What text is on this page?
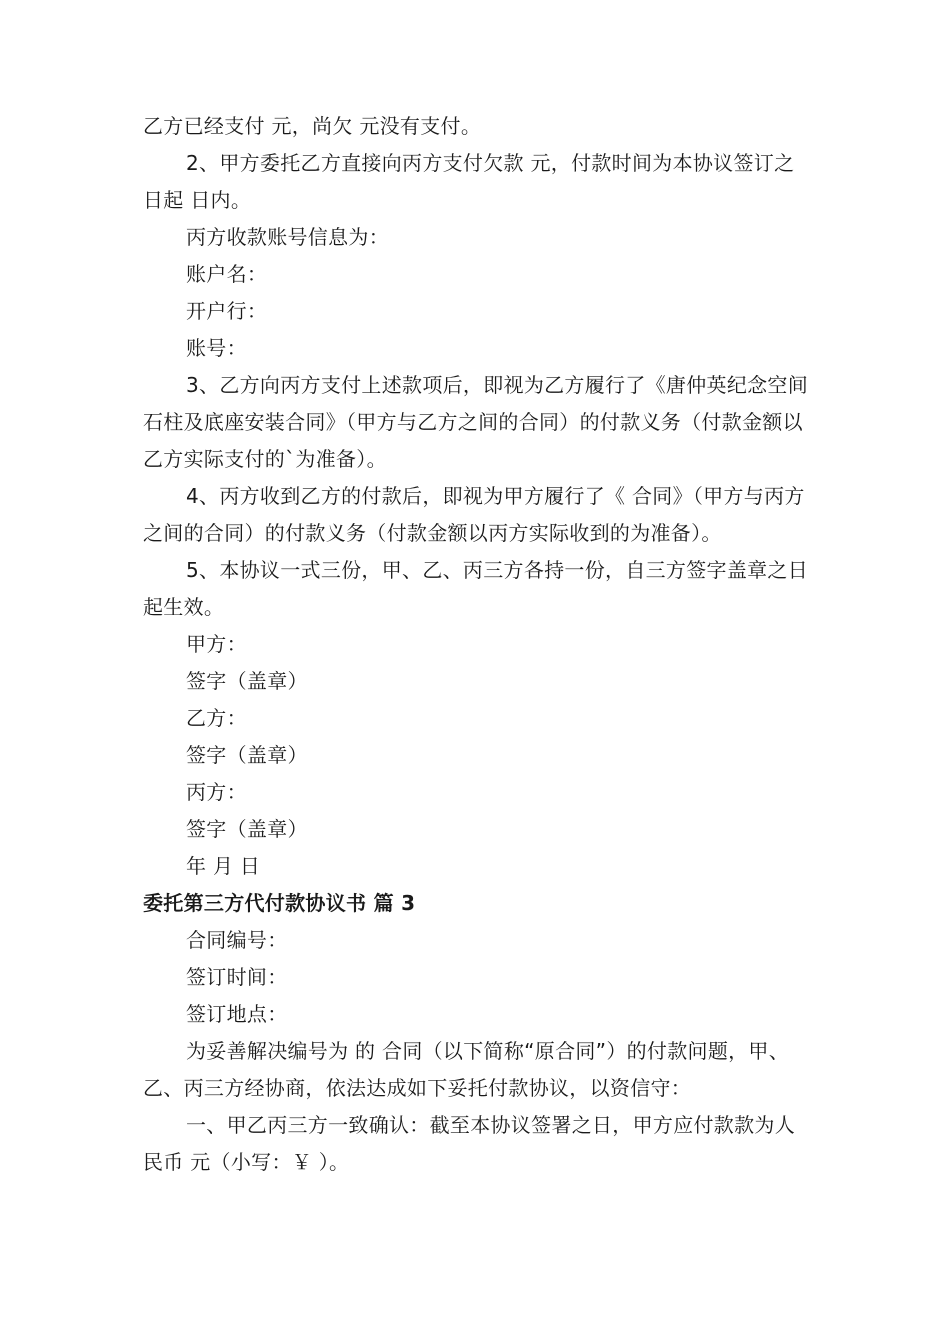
乙方已经支付 元，尚欠 元没有支付。

2、甲方委托乙方直接向丙方支付欠款 元，付款时间为本协议签订之日起 日内。

丙方收款账号信息为：

账户名：

开户行：

账号：

3、乙方向丙方支付上述款项后，即视为乙方履行了《唐仲英纪念空间石柱及底座安装合同》（甲方与乙方之间的合同）的付款义务（付款金额以乙方实际支付的`为准备）。

4、丙方收到乙方的付款后，即视为甲方履行了《 合同》（甲方与丙方之间的合同）的付款义务（付款金额以丙方实际收到的为准备）。

5、本协议一式三份，甲、乙、丙三方各持一份，自三方签字盖章之日起生效。

甲方：

签字（盖章）

乙方：

签字（盖章）

丙方：

签字（盖章）

年 月 日

委托第三方代付款协议书 篇 3

合同编号：

签订时间：

签订地点：

为妥善解决编号为 的 合同（以下简称“原合同”）的付款问题，甲、乙、丙三方经协商，依法达成如下妥托付款协议，以资信守：

一、甲乙丙三方一致确认：截至本协议签署之日，甲方应付款款为人民币 元（小写：￥ ）。
